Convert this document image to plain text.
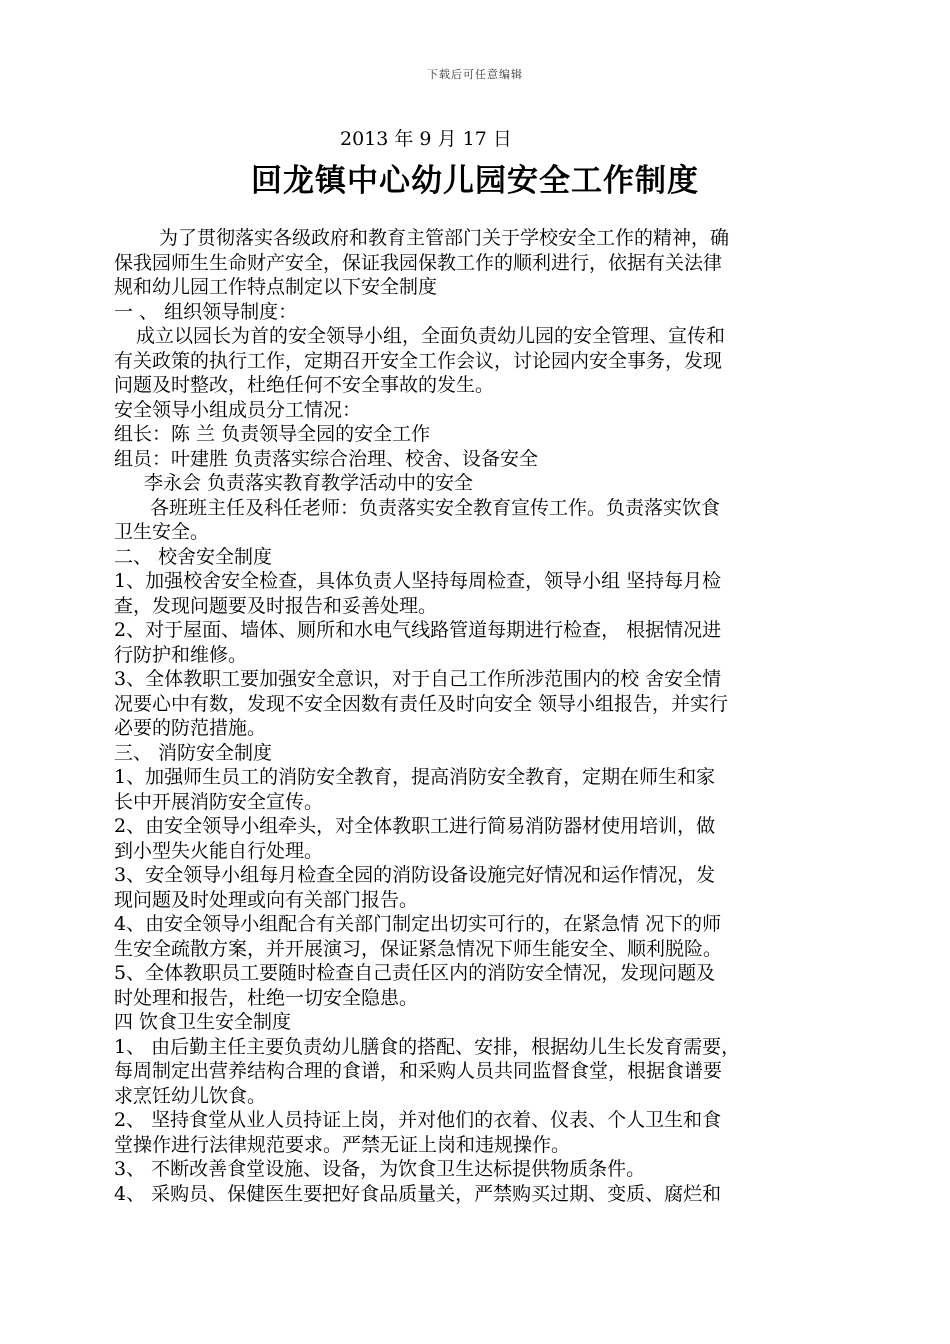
下载后可任意编辑
2013 年 9 月 17 日
回龙镇中心幼儿园安全工作制度

为了贯彻落实各级政府和教育主管部门关于学校安全工作的精神，确

保我园师生生命财产安全，保证我园保教工作的顺利进行，依据有关法律

规和幼儿园工作特点制定以下安全制度

一 、 组织领导制度：

成立以园长为首的安全领导小组，全面负责幼儿园的安全管理、宣传和

有关政策的执行工作，定期召开安全工作会议，讨论园内安全事务，发现

问题及时整改，杜绝任何不安全事故的发生。

安全领导小组成员分工情况：

组长：陈 兰 负责领导全园的安全工作

组员：叶建胜 负责落实综合治理、校舍、设备安全

李永会 负责落实教育教学活动中的安全

各班班主任及科任老师：负责落实安全教育宣传工作。负责落实饮食

卫生安全。

二、 校舍安全制度

1、加强校舍安全检查，具体负责人坚持每周检查，领导小组 坚持每月检

查，发现问题要及时报告和妥善处理。

2、对于屋面、墙体、厕所和水电气线路管道每期进行检查， 根据情况进

行防护和维修。

3、全体教职工要加强安全意识，对于自己工作所涉范围内的校 舍安全情

况要心中有数，发现不安全因数有责任及时向安全 领导小组报告，并实行

必要的防范措施。

三、 消防安全制度

1、加强师生员工的消防安全教育，提高消防安全教育，定期在师生和家

长中开展消防安全宣传。

2、由安全领导小组牵头，对全体教职工进行简易消防器材使用培训，做

到小型失火能自行处理。

3、安全领导小组每月检查全园的消防设备设施完好情况和运作情况，发

现问题及时处理或向有关部门报告。

4、由安全领导小组配合有关部门制定出切实可行的，在紧急情 况下的师

生安全疏散方案，并开展演习，保证紧急情况下师生能安全、顺利脱险。

5、全体教职员工要随时检查自己责任区内的消防安全情况，发现问题及

时处理和报告，杜绝一切安全隐患。

四 饮食卫生安全制度

1、 由后勤主任主要负责幼儿膳食的搭配、安排，根据幼儿生长发育需要，

每周制定出营养结构合理的食谱，和采购人员共同监督食堂，根据食谱要

求烹饪幼儿饮食。

2、 坚持食堂从业人员持证上岗，并对他们的衣着、仪表、个人卫生和食

堂操作进行法律规范要求。严禁无证上岗和违规操作。

3、 不断改善食堂设施、设备，为饮食卫生达标提供物质条件。

4、 采购员、保健医生要把好食品质量关，严禁购买过期、变质、腐烂和
